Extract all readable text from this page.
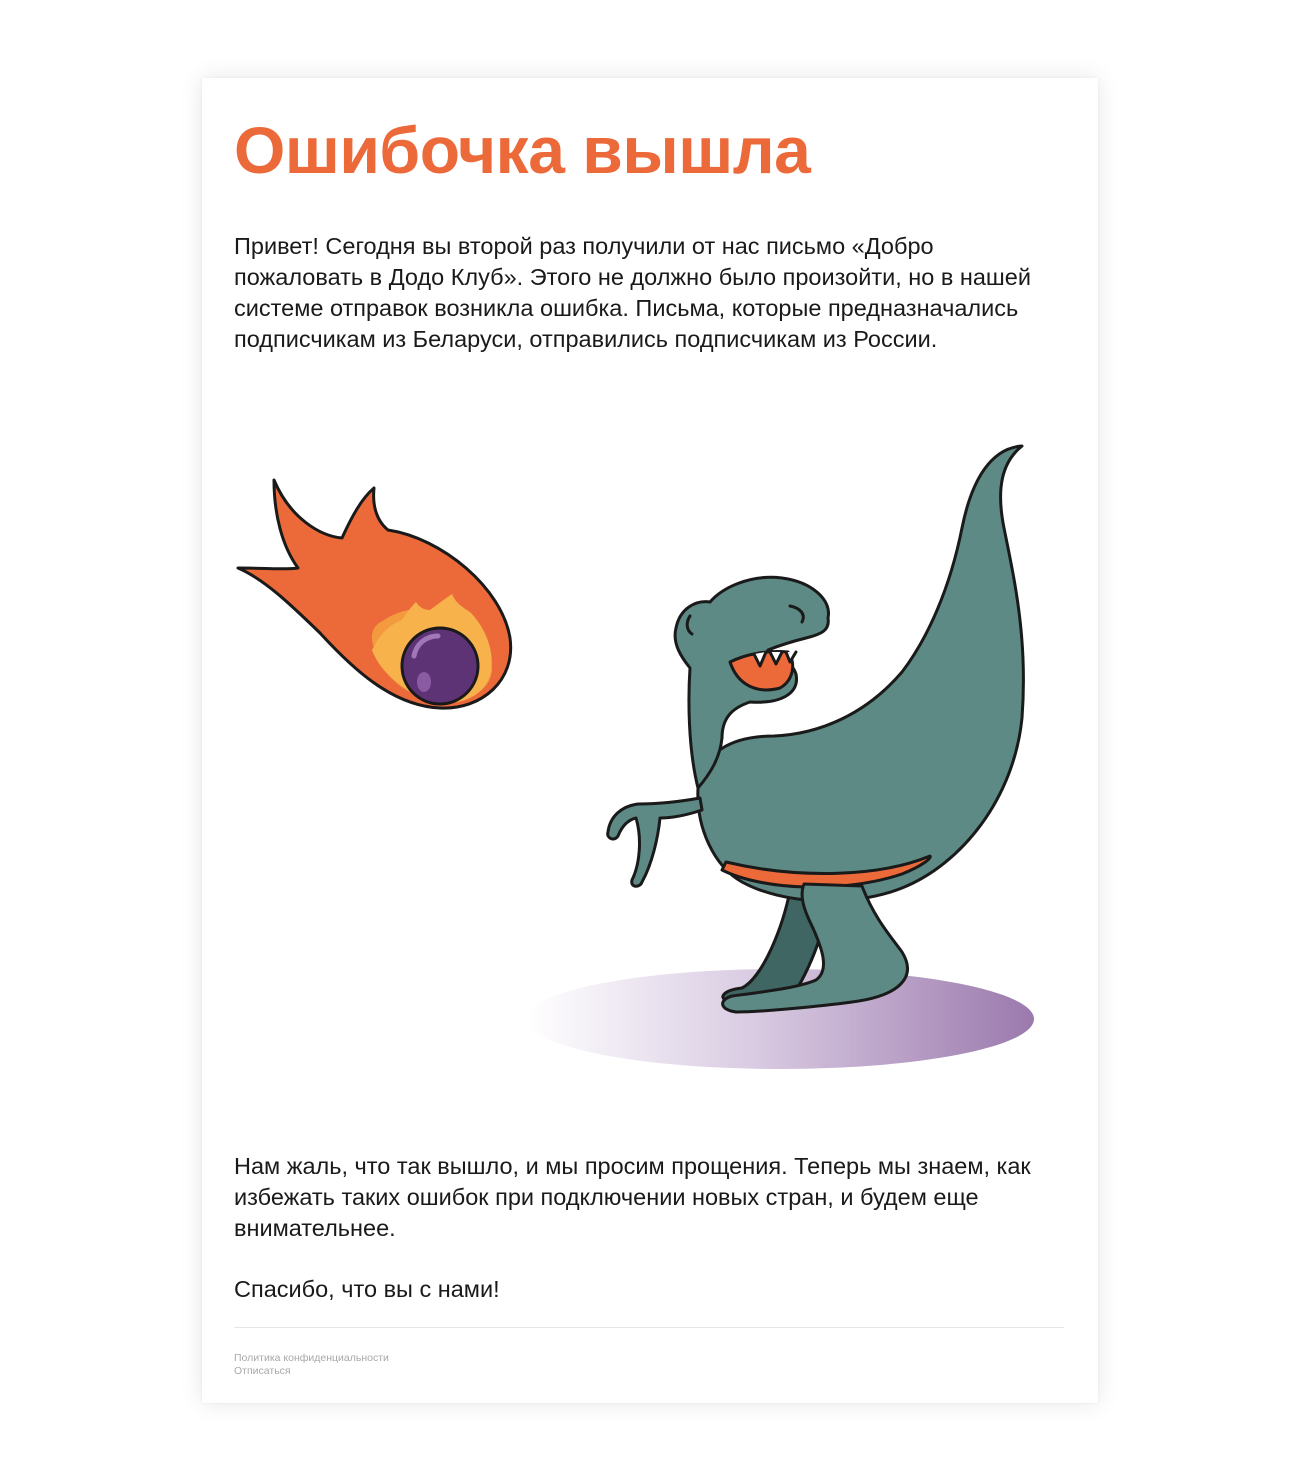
Ошибочка вышла

Привет! Сегодня вы второй раз получили от нас письмо «Добро пожаловать в Додо Клуб». Этого не должно было произойти, но в нашей системе отправок возникла ошибка. Письма, которые предназначались подписчикам из Беларуси, отправились подписчикам из России.

Нам жаль, что так вышло, и мы просим прощения. Теперь мы знаем, как избежать таких ошибок при подключении новых стран, и будем еще внимательнее.

Спасибо, что вы с нами!

Политика конфиденциальности
Отписаться
